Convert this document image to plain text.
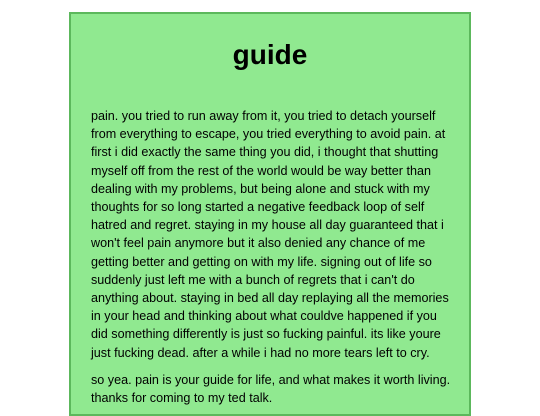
guide

pain. you tried to run away from it, you tried to detach yourself from everything to escape, you tried everything to avoid pain. at first i did exactly the same thing you did, i thought that shutting myself off from the rest of the world would be way better than dealing with my problems, but being alone and stuck with my thoughts for so long started a negative feedback loop of self hatred and regret. staying in my house all day guaranteed that i won't feel pain anymore but it also denied any chance of me getting better and getting on with my life. signing out of life so suddenly just left me with a bunch of regrets that i can't do anything about. staying in bed all day replaying all the memories in your head and thinking about what couldve happened if you did something differently is just so fucking painful. its like youre just fucking dead. after a while i had no more tears left to cry.

so yea. pain is your guide for life, and what makes it worth living. thanks for coming to my ted talk.
